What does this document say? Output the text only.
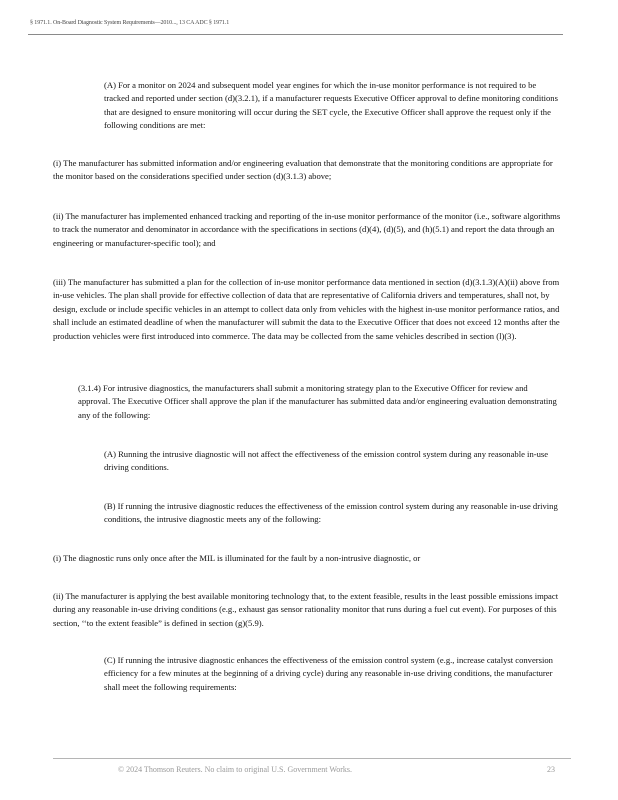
§ 1971.1. On-Board Diagnostic System Requirements—2010..., 13 CA ADC § 1971.1

(A) For a monitor on 2024 and subsequent model year engines for which the in-use monitor performance is not required to be tracked and reported under section (d)(3.2.1), if a manufacturer requests Executive Officer approval to define monitoring conditions that are designed to ensure monitoring will occur during the SET cycle, the Executive Officer shall approve the request only if the following conditions are met:

(i) The manufacturer has submitted information and/or engineering evaluation that demonstrate that the monitoring conditions are appropriate for the monitor based on the considerations specified under section (d)(3.1.3) above;

(ii) The manufacturer has implemented enhanced tracking and reporting of the in-use monitor performance of the monitor (i.e., software algorithms to track the numerator and denominator in accordance with the specifications in sections (d)(4), (d)(5), and (h)(5.1) and report the data through an engineering or manufacturer-specific tool); and

(iii) The manufacturer has submitted a plan for the collection of in-use monitor performance data mentioned in section (d)(3.1.3)(A)(ii) above from in-use vehicles. The plan shall provide for effective collection of data that are representative of California drivers and temperatures, shall not, by design, exclude or include specific vehicles in an attempt to collect data only from vehicles with the highest in-use monitor performance ratios, and shall include an estimated deadline of when the manufacturer will submit the data to the Executive Officer that does not exceed 12 months after the production vehicles were first introduced into commerce. The data may be collected from the same vehicles described in section (l)(3).

(3.1.4) For intrusive diagnostics, the manufacturers shall submit a monitoring strategy plan to the Executive Officer for review and approval. The Executive Officer shall approve the plan if the manufacturer has submitted data and/or engineering evaluation demonstrating any of the following:

(A) Running the intrusive diagnostic will not affect the effectiveness of the emission control system during any reasonable in-use driving conditions.

(B) If running the intrusive diagnostic reduces the effectiveness of the emission control system during any reasonable in-use driving conditions, the intrusive diagnostic meets any of the following:

(i) The diagnostic runs only once after the MIL is illuminated for the fault by a non-intrusive diagnostic, or

(ii) The manufacturer is applying the best available monitoring technology that, to the extent feasible, results in the least possible emissions impact during any reasonable in-use driving conditions (e.g., exhaust gas sensor rationality monitor that runs during a fuel cut event). For purposes of this section, ‘‘to the extent feasible” is defined in section (g)(5.9).

(C) If running the intrusive diagnostic enhances the effectiveness of the emission control system (e.g., increase catalyst conversion efficiency for a few minutes at the beginning of a driving cycle) during any reasonable in-use driving conditions, the manufacturer shall meet the following requirements:

© 2024 Thomson Reuters. No claim to original U.S. Government Works.	23
